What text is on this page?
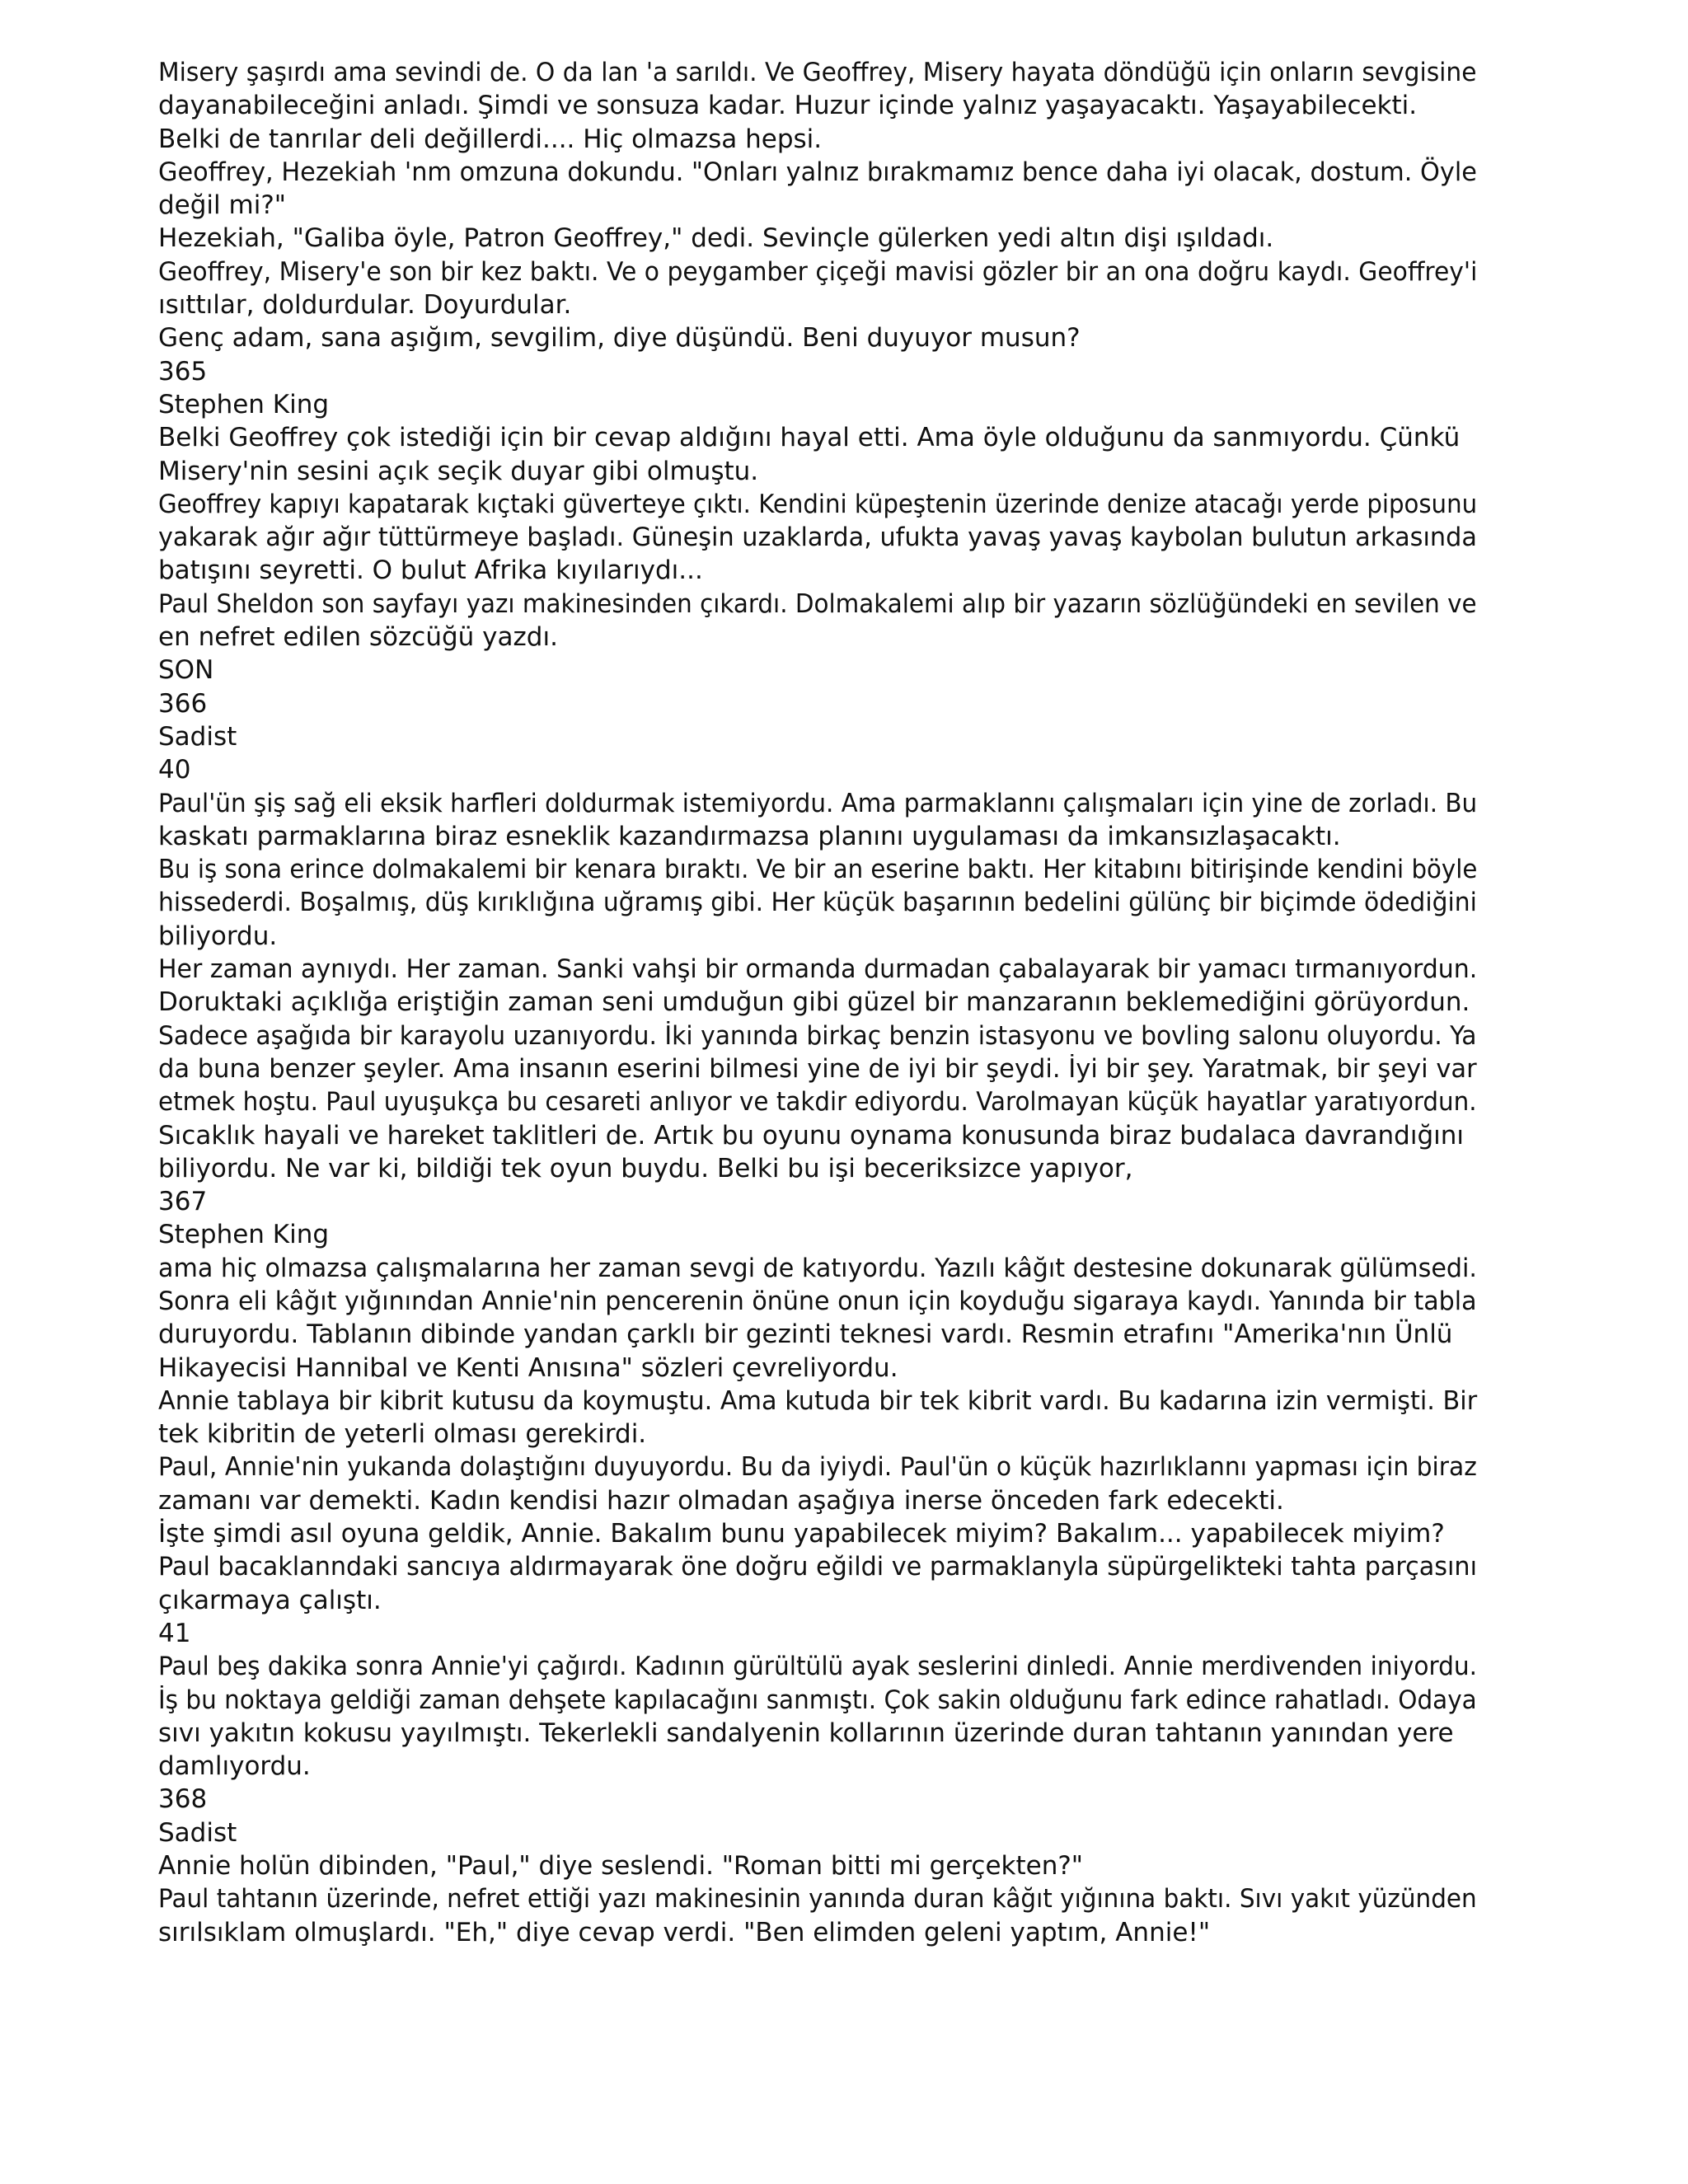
Misery şaşırdı ama sevindi de. O da lan 'a sarıldı. Ve Geoffrey, Misery hayata döndüğü için onların sevgisine
dayanabileceğini anladı. Şimdi ve sonsuza kadar. Huzur içinde yalnız yaşayacaktı. Yaşayabilecekti.
Belki de tanrılar deli değillerdi.... Hiç olmazsa hepsi.
Geoffrey, Hezekiah 'nm omzuna dokundu. "Onları yalnız bırakmamız bence daha iyi olacak, dostum. Öyle
değil mi?"
Hezekiah, "Galiba öyle, Patron Geoffrey," dedi. Sevinçle gülerken yedi altın dişi ışıldadı.
Geoffrey, Misery'e son bir kez baktı. Ve o peygamber çiçeği mavisi gözler bir an ona doğru kaydı. Geoffrey'i
ısıttılar, doldurdular. Doyurdular.
Genç adam, sana aşığım, sevgilim, diye düşündü. Beni duyuyor musun?
365
Stephen King
Belki Geoffrey çok istediği için bir cevap aldığını hayal etti. Ama öyle olduğunu da sanmıyordu. Çünkü
Misery'nin sesini açık seçik duyar gibi olmuştu.
Geoffrey kapıyı kapatarak kıçtaki güverteye çıktı. Kendini küpeştenin üzerinde denize atacağı yerde piposunu
yakarak ağır ağır tüttürmeye başladı. Güneşin uzaklarda, ufukta yavaş yavaş kaybolan bulutun arkasında
batışını seyretti. O bulut Afrika kıyılarıydı...
Paul Sheldon son sayfayı yazı makinesinden çıkardı. Dolmakalemi alıp bir yazarın sözlüğündeki en sevilen ve
en nefret edilen sözcüğü yazdı.
SON
366
Sadist
40
Paul'ün şiş sağ eli eksik harfleri doldurmak istemiyordu. Ama parmaklannı çalışmaları için yine de zorladı. Bu
kaskatı parmaklarına biraz esneklik kazandırmazsa planını uygulaması da imkansızlaşacaktı.
Bu iş sona erince dolmakalemi bir kenara bıraktı. Ve bir an eserine baktı. Her kitabını bitirişinde kendini böyle
hissederdi. Boşalmış, düş kırıklığına uğramış gibi. Her küçük başarının bedelini gülünç bir biçimde ödediğini
biliyordu.
Her zaman aynıydı. Her zaman. Sanki vahşi bir ormanda durmadan çabalayarak bir yamacı tırmanıyordun.
Doruktaki açıklığa eriştiğin zaman seni umduğun gibi güzel bir manzaranın beklemediğini görüyordun.
Sadece aşağıda bir karayolu uzanıyordu. İki yanında birkaç benzin istasyonu ve bovling salonu oluyordu. Ya
da buna benzer şeyler. Ama insanın eserini bilmesi yine de iyi bir şeydi. İyi bir şey. Yaratmak, bir şeyi var
etmek hoştu. Paul uyuşukça bu cesareti anlıyor ve takdir ediyordu. Varolmayan küçük hayatlar yaratıyordun.
Sıcaklık hayali ve hareket taklitleri de. Artık bu oyunu oynama konusunda biraz budalaca davrandığını
biliyordu. Ne var ki, bildiği tek oyun buydu. Belki bu işi beceriksizce yapıyor,
367
Stephen King
ama hiç olmazsa çalışmalarına her zaman sevgi de katıyordu. Yazılı kâğıt destesine dokunarak gülümsedi.
Sonra eli kâğıt yığınından Annie'nin pencerenin önüne onun için koyduğu sigaraya kaydı. Yanında bir tabla
duruyordu. Tablanın dibinde yandan çarklı bir gezinti teknesi vardı. Resmin etrafını "Amerika'nın Ünlü
Hikayecisi Hannibal ve Kenti Anısına" sözleri çevreliyordu.
Annie tablaya bir kibrit kutusu da koymuştu. Ama kutuda bir tek kibrit vardı. Bu kadarına izin vermişti. Bir
tek kibritin de yeterli olması gerekirdi.
Paul, Annie'nin yukanda dolaştığını duyuyordu. Bu da iyiydi. Paul'ün o küçük hazırlıklannı yapması için biraz
zamanı var demekti. Kadın kendisi hazır olmadan aşağıya inerse önceden fark edecekti.
İşte şimdi asıl oyuna geldik, Annie. Bakalım bunu yapabilecek miyim? Bakalım... yapabilecek miyim?
Paul bacaklanndaki sancıya aldırmayarak öne doğru eğildi ve parmaklanyla süpürgelikteki tahta parçasını
çıkarmaya çalıştı.
41
Paul beş dakika sonra Annie'yi çağırdı. Kadının gürültülü ayak seslerini dinledi. Annie merdivenden iniyordu.
İş bu noktaya geldiği zaman dehşete kapılacağını sanmıştı. Çok sakin olduğunu fark edince rahatladı. Odaya
sıvı yakıtın kokusu yayılmıştı. Tekerlekli sandalyenin kollarının üzerinde duran tahtanın yanından yere
damlıyordu.
368
Sadist
Annie holün dibinden, "Paul," diye seslendi. "Roman bitti mi gerçekten?"
Paul tahtanın üzerinde, nefret ettiği yazı makinesinin yanında duran kâğıt yığınına baktı. Sıvı yakıt yüzünden
sırılsıklam olmuşlardı. "Eh," diye cevap verdi. "Ben elimden geleni yaptım, Annie!"
